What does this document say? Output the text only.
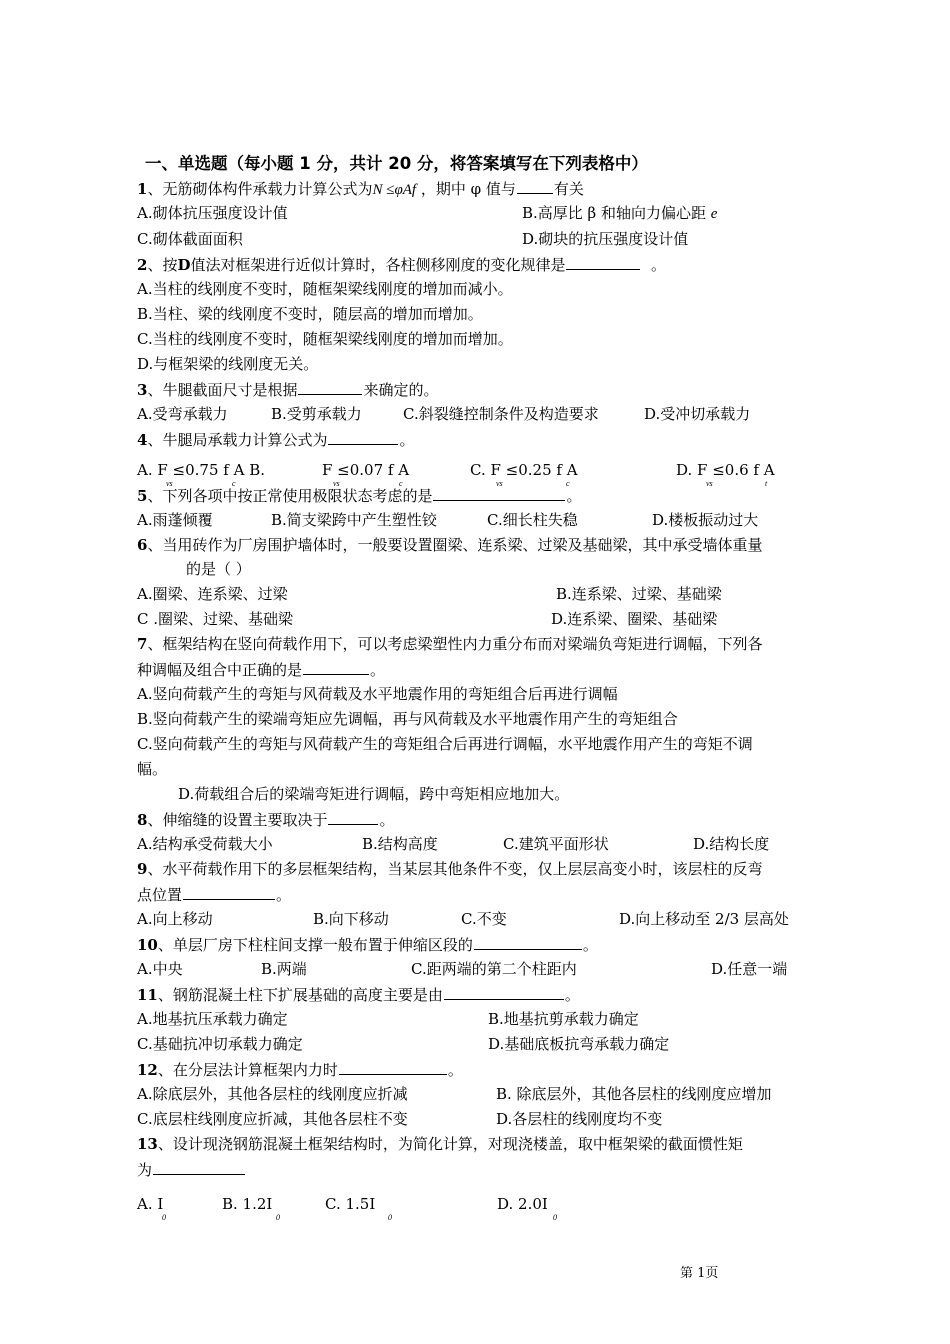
一、单选题（每小题 1 分，共计 20 分，将答案填写在下列表格中）
1、无筋砌体构件承载力计算公式为N ≤φAf ，期中 φ 值与	有关
A.砌体抗压强度设计值	B.高厚比 β 和轴向力偏心距 e
C.砌体截面面积	D.砌块的抗压强度设计值
2、按D值法对框架进行近似计算时，各柱侧移刚度的变化规律是	。
A.当柱的线刚度不变时，随框架梁线刚度的增加而减小。
B.当柱、梁的线刚度不变时，随层高的增加而增加。
C.当柱的线刚度不变时，随框架梁线刚度的增加而增加。
D.与框架梁的线刚度无关。
3、牛腿截面尺寸是根据	来确定的。
A.受弯承载力	B.受剪承载力	C.斜裂缝控制条件及构造要求	D.受冲切承载力
4、牛腿局承载力计算公式为	。
A. F ≤0.75 f A B.	F ≤0.07 f A	C. F ≤0.25 f A	D. F ≤0.6 f A
vs	c	vs	c	vs	c	vs	t
5、下列各项中按正常使用极限状态考虑的是	。
A.雨蓬倾覆	B.简支梁跨中产生塑性铰	C.细长柱失稳	D.楼板振动过大
6、当用砖作为厂房围护墙体时，一般要设置圈梁、连系梁、过梁及基础梁，其中承受墙体重量
的是（ ）
A.圈梁、连系梁、过梁	B.连系梁、过梁、基础梁
C .圈梁、过梁、基础梁	D.连系梁、圈梁、基础梁
7、框架结构在竖向荷载作用下，可以考虑梁塑性内力重分布而对梁端负弯矩进行调幅，下列各
种调幅及组合中正确的是	。
A.竖向荷载产生的弯矩与风荷载及水平地震作用的弯矩组合后再进行调幅
B.竖向荷载产生的梁端弯矩应先调幅，再与风荷载及水平地震作用产生的弯矩组合
C.竖向荷载产生的弯矩与风荷载产生的弯矩组合后再进行调幅，水平地震作用产生的弯矩不调
幅。
D.荷载组合后的梁端弯矩进行调幅，跨中弯矩相应地加大。
8、伸缩缝的设置主要取决于	。
A.结构承受荷载大小	B.结构高度	C.建筑平面形状	D.结构长度
9、水平荷载作用下的多层框架结构，当某层其他条件不变，仅上层层高变小时，该层柱的反弯
点位置	。
A.向上移动	B.向下移动	C.不变	D.向上移动至 2/3 层高处
10、单层厂房下柱柱间支撑一般布置于伸缩区段的	。
A.中央	B.两端	C.距两端的第二个柱距内	D.任意一端
11、钢筋混凝土柱下扩展基础的高度主要是由	。
A.地基抗压承载力确定	B.地基抗剪承载力确定
C.基础抗冲切承载力确定	D.基础底板抗弯承载力确定
12、在分层法计算框架内力时	。
A.除底层外，其他各层柱的线刚度应折减	B. 除底层外，其他各层柱的线刚度应增加
C.底层柱线刚度应折减，其他各层柱不变	D.各层柱的线刚度均不变
13、设计现浇钢筋混凝土框架结构时，为简化计算，对现浇楼盖，取中框架梁的截面惯性矩
为
A. I	B. 1.2I	C. 1.5I	D. 2.0I
0	0	0	0
第 1页
